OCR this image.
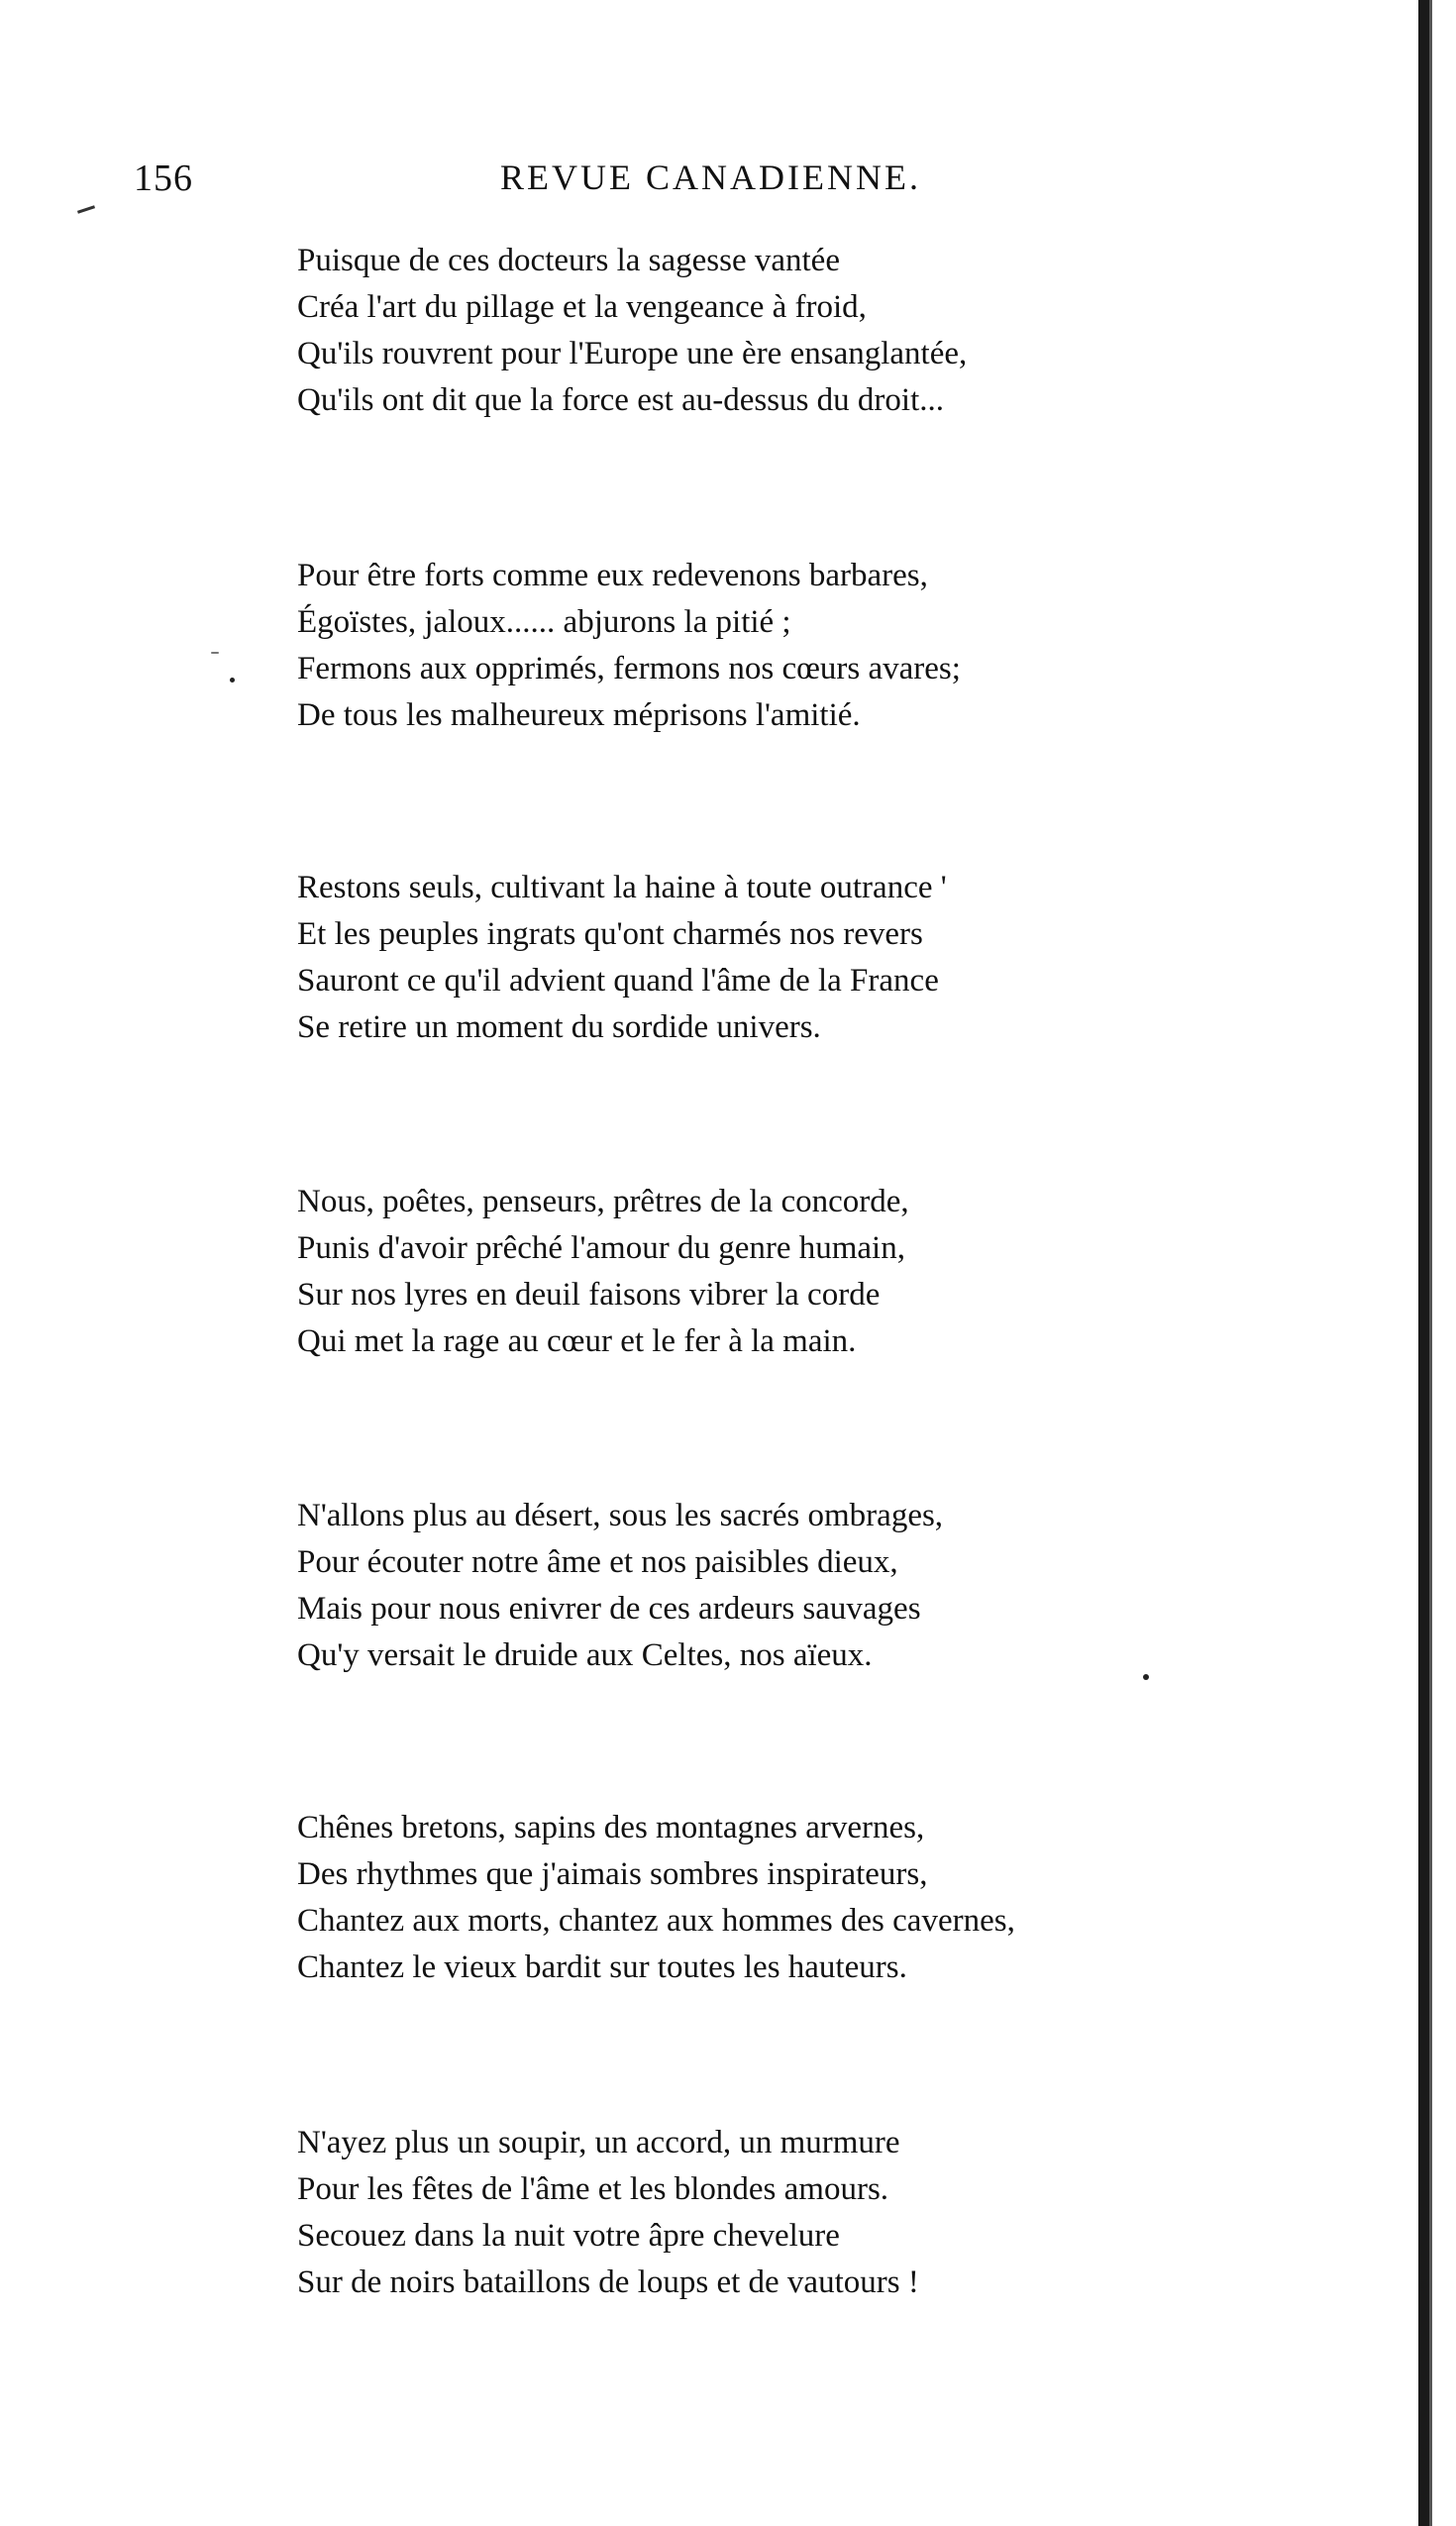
156	REVUE CANADIENNE.
Puisque de ces docteurs la sagesse vantée
Créa l'art du pillage et la vengeance à froid,
Qu'ils rouvrent pour l'Europe une ère ensanglantée,
Qu'ils ont dit que la force est au-dessus du droit...
Pour être forts comme eux redevenons barbares,
Égoïstes, jaloux...... abjurons la pitié ;
Fermons aux opprimés, fermons nos cœurs avares;
De tous les malheureux méprisons l'amitié.
Restons seuls, cultivant la haine à toute outrance '
Et les peuples ingrats qu'ont charmés nos revers
Sauront ce qu'il advient quand l'âme de la France
Se retire un moment du sordide univers.
Nous, poêtes, penseurs, prêtres de la concorde,
Punis d'avoir prêché l'amour du genre humain,
Sur nos lyres en deuil faisons vibrer la corde
Qui met la rage au cœur et le fer à la main.
N'allons plus au désert, sous les sacrés ombrages,
Pour écouter notre âme et nos paisibles dieux,
Mais pour nous enivrer de ces ardeurs sauvages
Qu'y versait le druide aux Celtes, nos aïeux.
Chênes bretons, sapins des montagnes arvernes,
Des rhythmes que j'aimais sombres inspirateurs,
Chantez aux morts, chantez aux hommes des cavernes,
Chantez le vieux bardit sur toutes les hauteurs.
N'ayez plus un soupir, un accord, un murmure
Pour les fêtes de l'âme et les blondes amours.
Secouez dans la nuit votre âpre chevelure
Sur de noirs bataillons de loups et de vautours !
